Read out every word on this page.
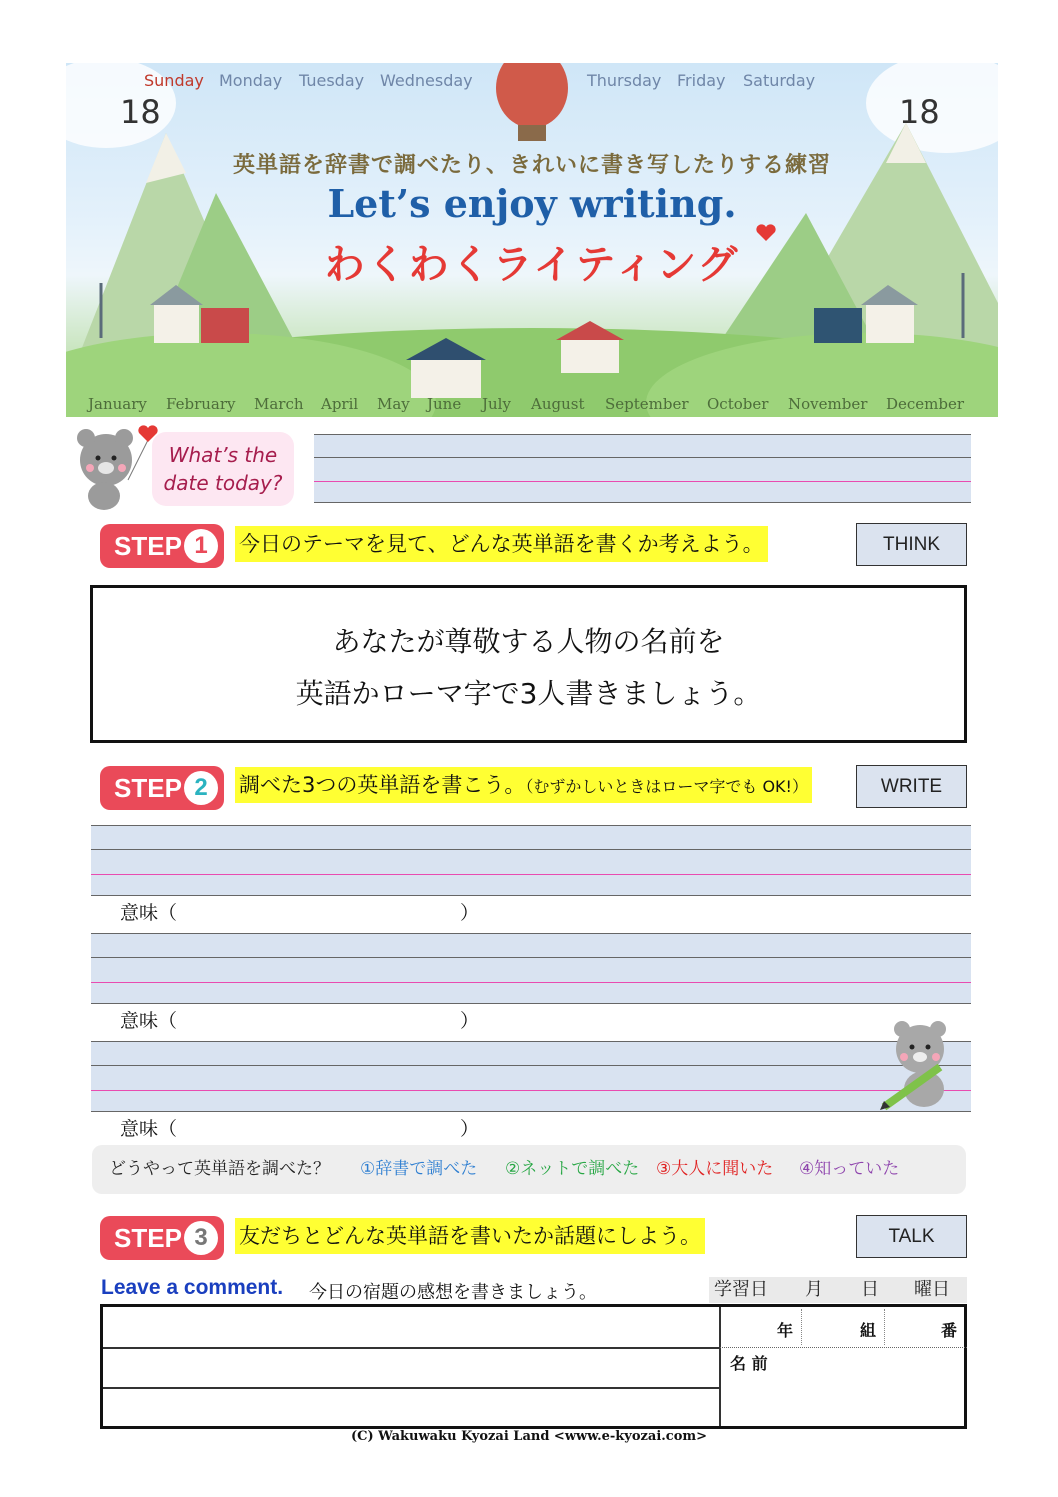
Sunday Monday Tuesday Wednesday	Thursday Friday Saturday
18	18
英単語を辞書で調べたり、きれいに書き写したりする練習
Let’s enjoy writing.
わくわくライティング
January February March April May June July August September October November December
What’s the
date today?
STEP 1	今日のテーマを見て、どんな英単語を書くか考えよう。	THINK
あなたが尊敬する人物の名前を
英語かローマ字で3人書きましょう。
STEP 2	調べた3つの英単語を書こう。（むずかしいときはローマ字でも OK!）	WRITE
意味（	）
意味（	）
意味（	）
どうやって英単語を調べた？ ①辞書で調べた ②ネットで調べた ③大人に聞いた ④知っていた
STEP 3	友だちとどんな英単語を書いたか話題にしよう。	TALK
Leave a comment. 今日の宿題の感想を書きましょう。	学習日 月 日 曜日
年	組	番
名 前
(C) Wakuwaku Kyozai Land <www.e-kyozai.com>
